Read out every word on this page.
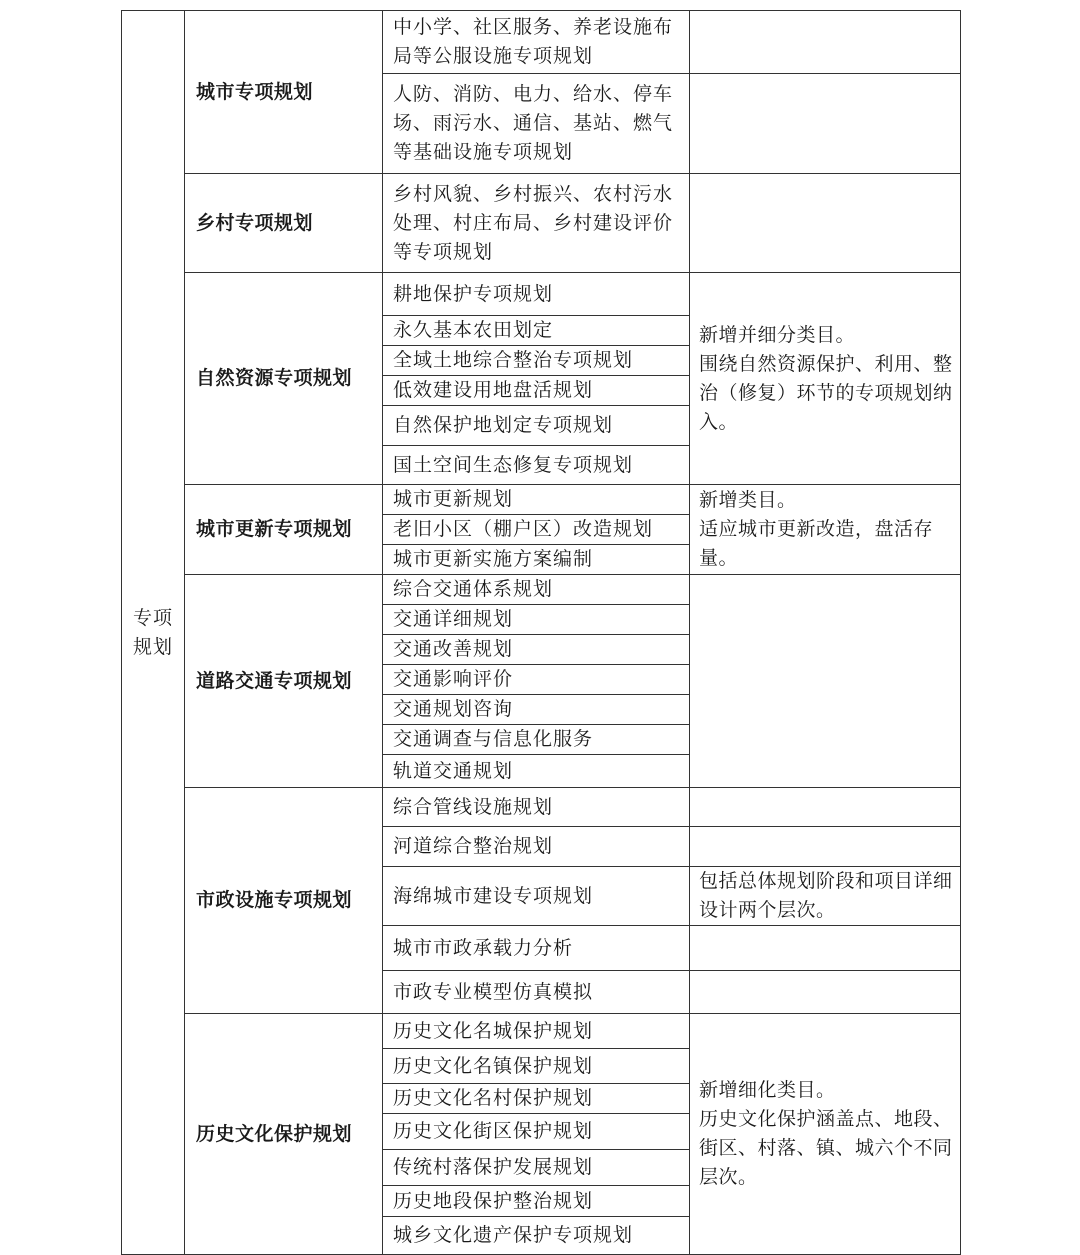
专项
规划	城市专项规划	中小学、社区服务、养老设施布局等公服设施专项规划	
		人防、消防、电力、给水、停车场、雨污水、通信、基站、燃气等基础设施专项规划	
	乡村专项规划	乡村风貌、乡村振兴、农村污水处理、村庄布局、乡村建设评价等专项规划	
	自然资源专项规划	耕地保护专项规划	新增并细分类目。
围绕自然资源保护、利用、整治（修复）环节的专项规划纳入。

		永久基本农田划定	
		全域土地综合整治专项规划	
		低效建设用地盘活规划	
		自然保护地划定专项规划	
		国土空间生态修复专项规划	
	城市更新专项规划	城市更新规划	新增类目。
适应城市更新改造，盘活存量。

		老旧小区（棚户区）改造规划	
		城市更新实施方案编制	
	道路交通专项规划	综合交通体系规划	
		交通详细规划	
		交通改善规划	
		交通影响评价	
		交通规划咨询	
		交通调查与信息化服务	
		轨道交通规划	
	市政设施专项规划	综合管线设施规划	
		河道综合整治规划	
		海绵城市建设专项规划	包括总体规划阶段和项目详细设计两个层次。

		城市市政承载力分析	
		市政专业模型仿真模拟	
	历史文化保护规划	历史文化名城保护规划	新增细化类目。
历史文化保护涵盖点、地段、街区、村落、镇、城六个不同层次。

		历史文化名镇保护规划	
		历史文化名村保护规划	
		历史文化街区保护规划	
		传统村落保护发展规划	
		历史地段保护整治规划	
		城乡文化遗产保护专项规划	
